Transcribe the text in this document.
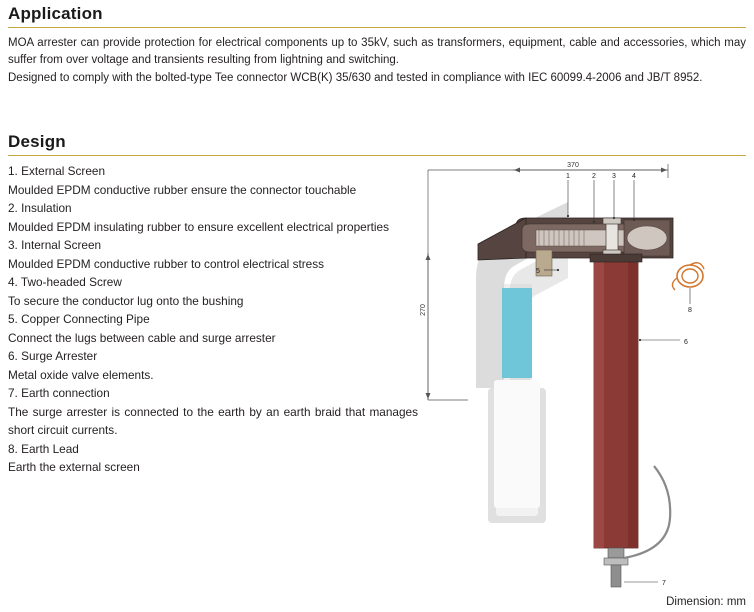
Application

MOA arrester can provide protection for electrical components up to 35kV, such as transformers, equipment, cable and accessories, which may suffer from over voltage and transients resulting from lightning and switching.

Designed to comply with the bolted-type Tee connector WCB(K) 35/630 and tested in compliance with IEC 60099.4-2006 and JB/T 8952.

Design
1. External Screen
Moulded EPDM conductive rubber ensure the connector touchable
2. Insulation
Moulded EPDM insulating rubber to ensure excellent electrical properties
3. Internal Screen
Moulded EPDM conductive rubber to control electrical stress
4. Two-headed Screw
To secure the conductor lug onto the bushing
5. Copper Connecting Pipe
Connect the lugs between cable and surge arrester
6. Surge Arrester
Metal oxide valve elements.
7. Earth connection
The surge arrester is connected to the earth by an earth braid that manages short circuit currents.
8. Earth Lead
Earth the external screen
370
270
1	2 3 4
5
6
7
8
Dimension: mm
